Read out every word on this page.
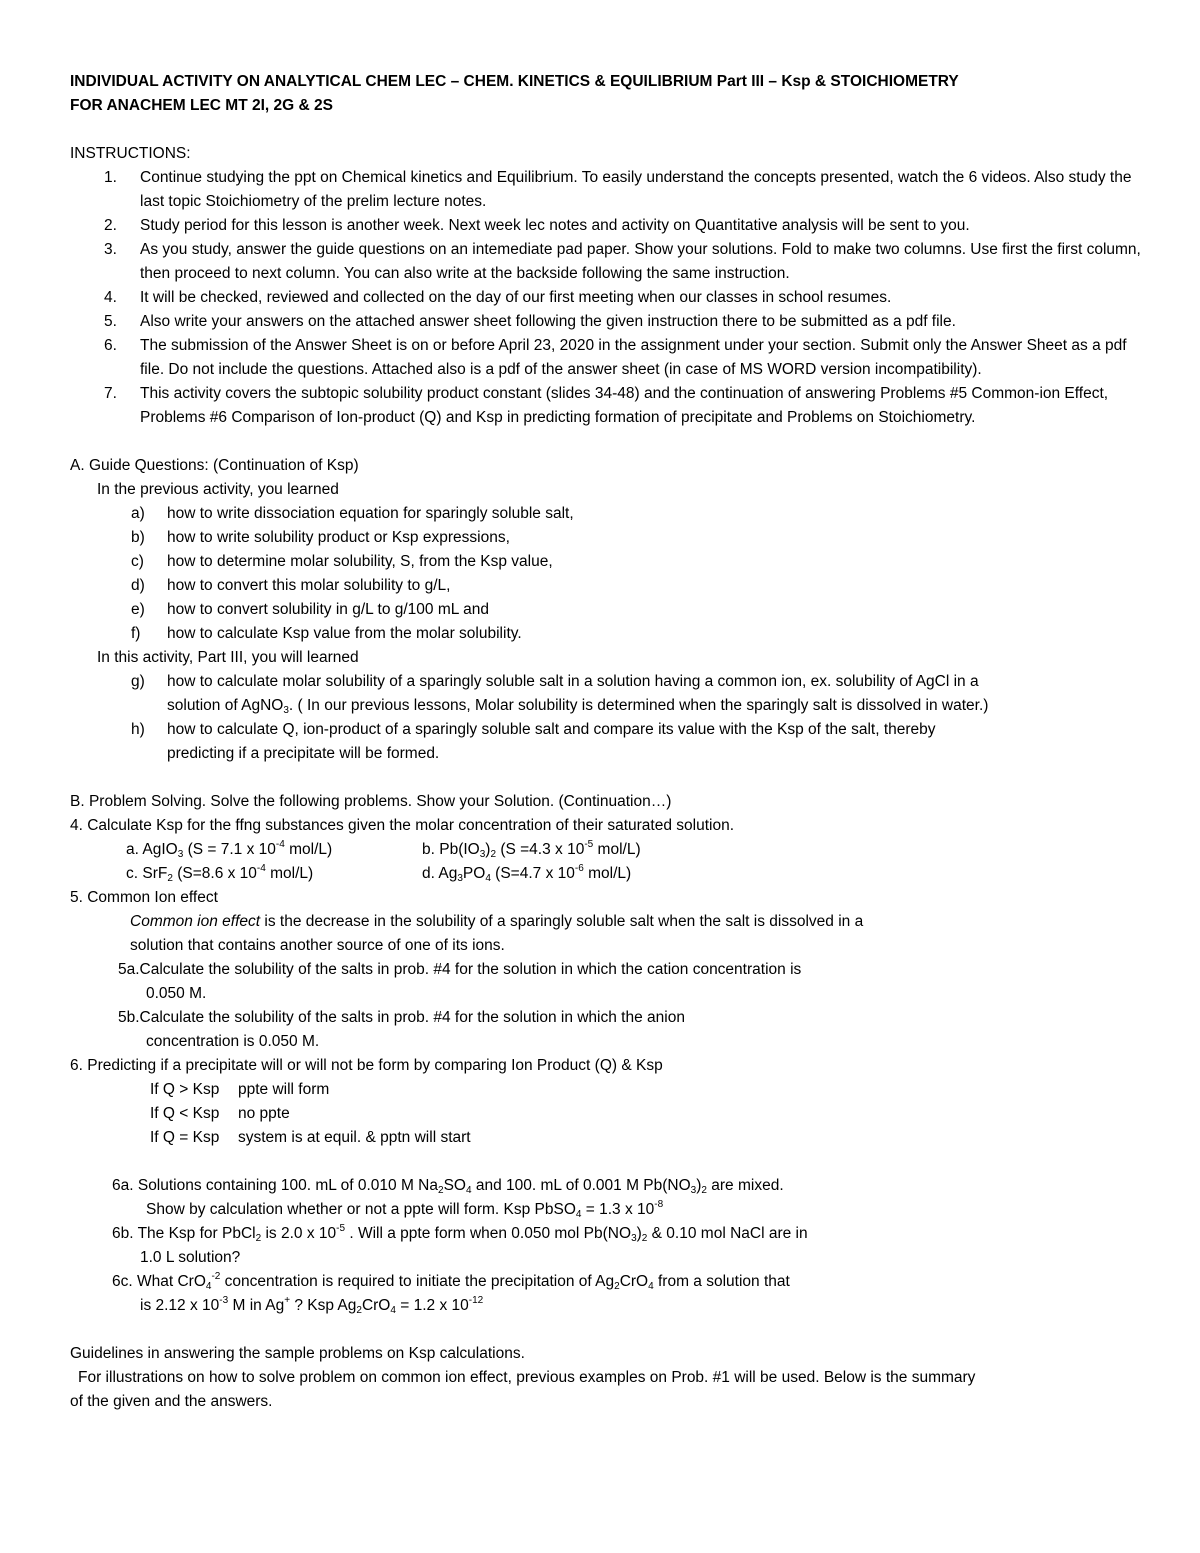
INDIVIDUAL ACTIVITY ON ANALYTICAL CHEM LEC – CHEM. KINETICS & EQUILIBRIUM Part III – Ksp & STOICHIOMETRY
FOR ANACHEM LEC MT 2I, 2G & 2S
INSTRUCTIONS:
1. Continue studying the ppt on Chemical kinetics and Equilibrium. To easily understand the concepts presented, watch the 6 videos. Also study the last topic Stoichiometry of the prelim lecture notes.
2. Study period for this lesson is another week. Next week lec notes and activity on Quantitative analysis will be sent to you.
3. As you study, answer the guide questions on an intemediate pad paper. Show your solutions. Fold to make two columns. Use first the first column, then proceed to next column. You can also write at the backside following the same instruction.
4. It will be checked, reviewed and collected on the day of our first meeting when our classes in school resumes.
5. Also write your answers on the attached answer sheet following the given instruction there to be submitted as a pdf file.
6. The submission of the Answer Sheet is on or before April 23, 2020 in the assignment under your section. Submit only the Answer Sheet as a pdf file. Do not include the questions. Attached also is a pdf of the answer sheet (in case of MS WORD version incompatibility).
7. This activity covers the subtopic solubility product constant (slides 34-48) and the continuation of answering Problems #5 Common-ion Effect, Problems #6 Comparison of Ion-product (Q) and Ksp in predicting formation of precipitate and Problems on Stoichiometry.
A. Guide Questions: (Continuation of Ksp)
In the previous activity, you learned
a) how to write dissociation equation for sparingly soluble salt,
b) how to write solubility product or Ksp expressions,
c) how to determine molar solubility, S, from the Ksp value,
d) how to convert this molar solubility to g/L,
e) how to convert solubility in g/L to g/100 mL and
f) how to calculate Ksp value from the molar solubility.
In this activity, Part III, you will learned
g) how to calculate molar solubility of a sparingly soluble salt in a solution having a common ion, ex. solubility of AgCl in a
solution of AgNO$_3$. ( In our previous lessons, Molar solubility is determined when the sparingly salt is dissolved in water.)
h) how to calculate Q, ion-product of a sparingly soluble salt and compare its value with the Ksp of the salt, thereby
predicting if a precipitate will be formed.
B. Problem Solving. Solve the following problems. Show your Solution. (Continuation…)
4. Calculate Ksp for the ffng substances given the molar concentration of their saturated solution.
a. AgIO$_3$ (S = 7.1 x $10^{-4}$ mol/L)	b. $Pb(IO_3)_2$ (S =4.3 x $10^{-5}$ mol/L)
c. SrF$_2$ (S=8.6 x $10^{-4}$ mol/L)	d. $Ag_3PO_4$ (S=4.7 x $10^{-6}$ mol/L)
5. Common Ion effect
Common ion effect is the decrease in the solubility of a sparingly soluble salt when the salt is dissolved in a
solution that contains another source of one of its ions.
5a.Calculate the solubility of the salts in prob. #4 for the solution in which the cation concentration is
0.050 M.
5b.Calculate the solubility of the salts in prob. #4 for the solution in which the anion
concentration is 0.050 M.
6. Predicting if a precipitate will or will not be form by comparing Ion Product (Q) & Ksp
If Q > Ksp ppte will form
If Q < Ksp no ppte
If Q = Ksp system is at equil. & pptn will start
6a. Solutions containing 100. mL of 0.010 M $Na_2SO_4$ and 100. mL of 0.001 M $Pb(NO_3)_2$ are mixed.
Show by calculation whether or not a ppte will form. Ksp PbSO$_4$ = 1.3 x $10^{-8}$
6b. The Ksp for PbCl$_2$ is 2.0 x $10^{-5}$ . Will a ppte form when 0.050 mol $Pb(NO_3)_2$ & 0.10 mol NaCl are in
1.0 L solution?
6c. What CrO$_4^{-2}$ concentration is required to initiate the precipitation of $Ag_2CrO_4$ from a solution that
is 2.12 x $10^{-3}$ M in Ag+ ? Ksp $Ag_2CrO_4 = 1.2$ x $10^{-12}$
Guidelines in answering the sample problems on Ksp calculations.
For illustrations on how to solve problem on common ion effect, previous examples on Prob. #1 will be used. Below is the summary
of the given and the answers.
